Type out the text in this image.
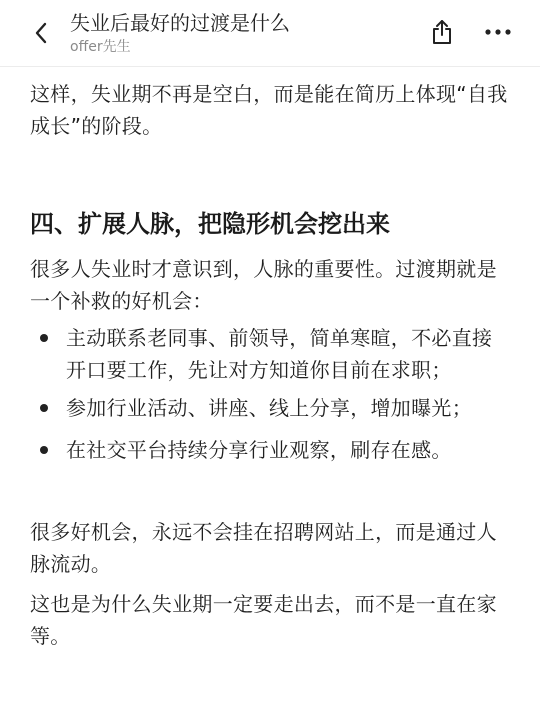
失业后最好的过渡是什么
offer先生
这样，失业期不再是空白，而是能在简历上体现“自我成长”的阶段。
四、扩展人脉，把隐形机会挖出来
很多人失业时才意识到，人脉的重要性。过渡期就是一个补救的好机会：
主动联系老同事、前领导，简单寒暄，不必直接开口要工作，先让对方知道你目前在求职；
参加行业活动、讲座、线上分享，增加曝光；
在社交平台持续分享行业观察，刷存在感。
很多好机会，永远不会挂在招聘网站上，而是通过人脉流动。
这也是为什么失业期一定要走出去，而不是一直在家等。
